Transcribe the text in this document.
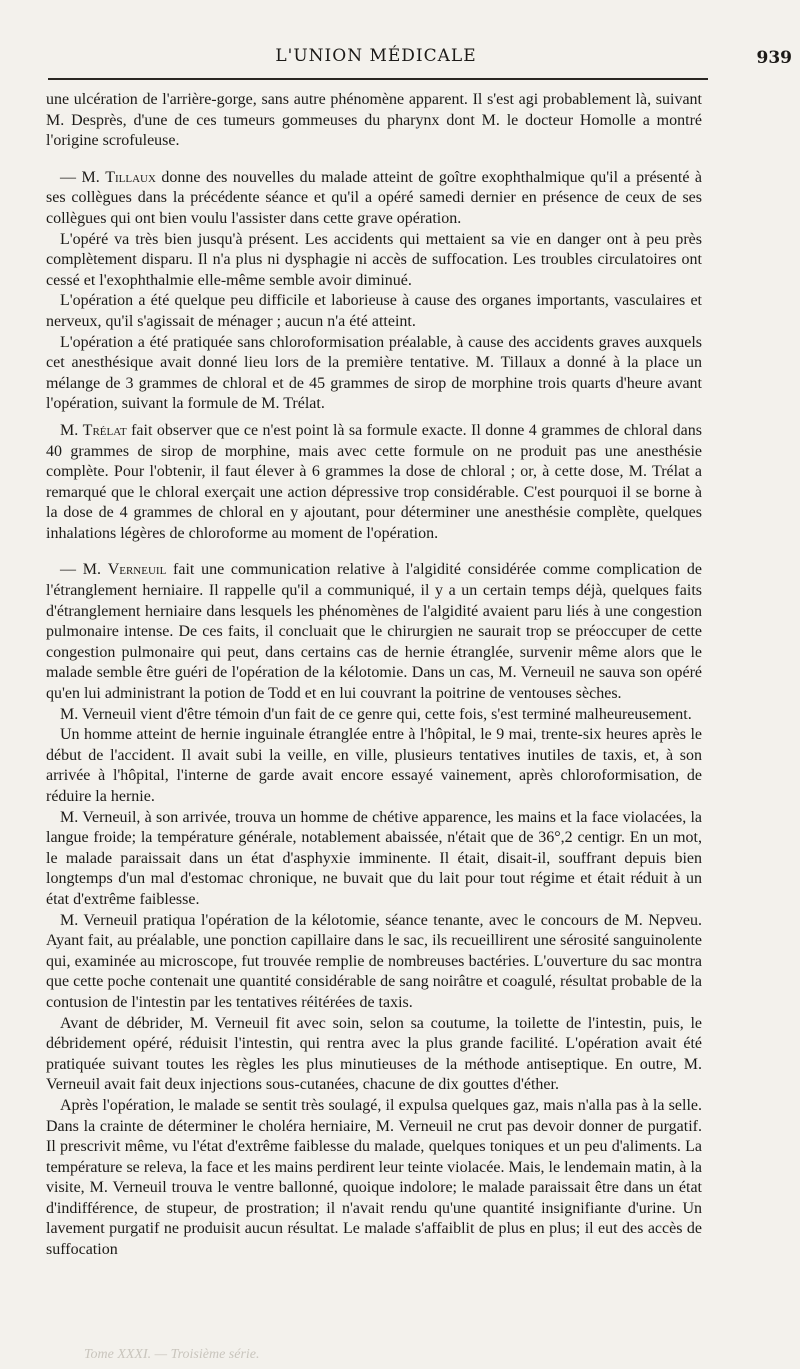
L'UNION MÉDICALE	939

une ulcération de l'arrière-gorge, sans autre phénomène apparent. Il s'est agi probablement là, suivant M. Desprès, d'une de ces tumeurs gommeuses du pharynx dont M. le docteur Homolle a montré l'origine scrofuleuse.

— M. Tillaux donne des nouvelles du malade atteint de goître exophthalmique qu'il a présenté à ses collègues dans la précédente séance et qu'il a opéré samedi dernier en présence de ceux de ses collègues qui ont bien voulu l'assister dans cette grave opération.

L'opéré va très bien jusqu'à présent. Les accidents qui mettaient sa vie en danger ont à peu près complètement disparu. Il n'a plus ni dysphagie ni accès de suffocation. Les troubles circulatoires ont cessé et l'exophthalmie elle-même semble avoir diminué.

L'opération a été quelque peu difficile et laborieuse à cause des organes importants, vasculaires et nerveux, qu'il s'agissait de ménager ; aucun n'a été atteint.

L'opération a été pratiquée sans chloroformisation préalable, à cause des accidents graves auxquels cet anesthésique avait donné lieu lors de la première tentative. M. Tillaux a donné à la place un mélange de 3 grammes de chloral et de 45 grammes de sirop de morphine trois quarts d'heure avant l'opération, suivant la formule de M. Trélat.

M. Trélat fait observer que ce n'est point là sa formule exacte. Il donne 4 grammes de chloral dans 40 grammes de sirop de morphine, mais avec cette formule on ne produit pas une anesthésie complète. Pour l'obtenir, il faut élever à 6 grammes la dose de chloral ; or, à cette dose, M. Trélat a remarqué que le chloral exerçait une action dépressive trop considérable. C'est pourquoi il se borne à la dose de 4 grammes de chloral en y ajoutant, pour déterminer une anesthésie complète, quelques inhalations légères de chloroforme au moment de l'opération.

— M. Verneuil fait une communication relative à l'algidité considérée comme complication de l'étranglement herniaire. Il rappelle qu'il a communiqué, il y a un certain temps déjà, quelques faits d'étranglement herniaire dans lesquels les phénomènes de l'algidité avaient paru liés à une congestion pulmonaire intense. De ces faits, il concluait que le chirurgien ne saurait trop se préoccuper de cette congestion pulmonaire qui peut, dans certains cas de hernie étranglée, survenir même alors que le malade semble être guéri de l'opération de la kélotomie. Dans un cas, M. Verneuil ne sauva son opéré qu'en lui administrant la potion de Todd et en lui couvrant la poitrine de ventouses sèches.

M. Verneuil vient d'être témoin d'un fait de ce genre qui, cette fois, s'est terminé malheureusement.

Un homme atteint de hernie inguinale étranglée entre à l'hôpital, le 9 mai, trente-six heures après le début de l'accident. Il avait subi la veille, en ville, plusieurs tentatives inutiles de taxis, et, à son arrivée à l'hôpital, l'interne de garde avait encore essayé vainement, après chloroformisation, de réduire la hernie.

M. Verneuil, à son arrivée, trouva un homme de chétive apparence, les mains et la face violacées, la langue froide; la température générale, notablement abaissée, n'était que de 36°,2 centigr. En un mot, le malade paraissait dans un état d'asphyxie imminente. Il était, disait-il, souffrant depuis bien longtemps d'un mal d'estomac chronique, ne buvait que du lait pour tout régime et était réduit à un état d'extrême faiblesse.

M. Verneuil pratiqua l'opération de la kélotomie, séance tenante, avec le concours de M. Nepveu. Ayant fait, au préalable, une ponction capillaire dans le sac, ils recueillirent une sérosité sanguinolente qui, examinée au microscope, fut trouvée remplie de nombreuses bactéries. L'ouverture du sac montra que cette poche contenait une quantité considérable de sang noirâtre et coagulé, résultat probable de la contusion de l'intestin par les tentatives réitérées de taxis.

Avant de débrider, M. Verneuil fit avec soin, selon sa coutume, la toilette de l'intestin, puis, le débridement opéré, réduisit l'intestin, qui rentra avec la plus grande facilité. L'opération avait été pratiquée suivant toutes les règles les plus minutieuses de la méthode antiseptique. En outre, M. Verneuil avait fait deux injections sous-cutanées, chacune de dix gouttes d'éther.

Après l'opération, le malade se sentit très soulagé, il expulsa quelques gaz, mais n'alla pas à la selle. Dans la crainte de déterminer le choléra herniaire, M. Verneuil ne crut pas devoir donner de purgatif. Il prescrivit même, vu l'état d'extrême faiblesse du malade, quelques toniques et un peu d'aliments. La température se releva, la face et les mains perdirent leur teinte violacée. Mais, le lendemain matin, à la visite, M. Verneuil trouva le ventre ballonné, quoique indolore; le malade paraissait être dans un état d'indifférence, de stupeur, de prostration; il n'avait rendu qu'une quantité insignifiante d'urine. Un lavement purgatif ne produisit aucun résultat. Le malade s'affaiblit de plus en plus; il eut des accès de suffocation

Tome XXXI. — Troisième série.
